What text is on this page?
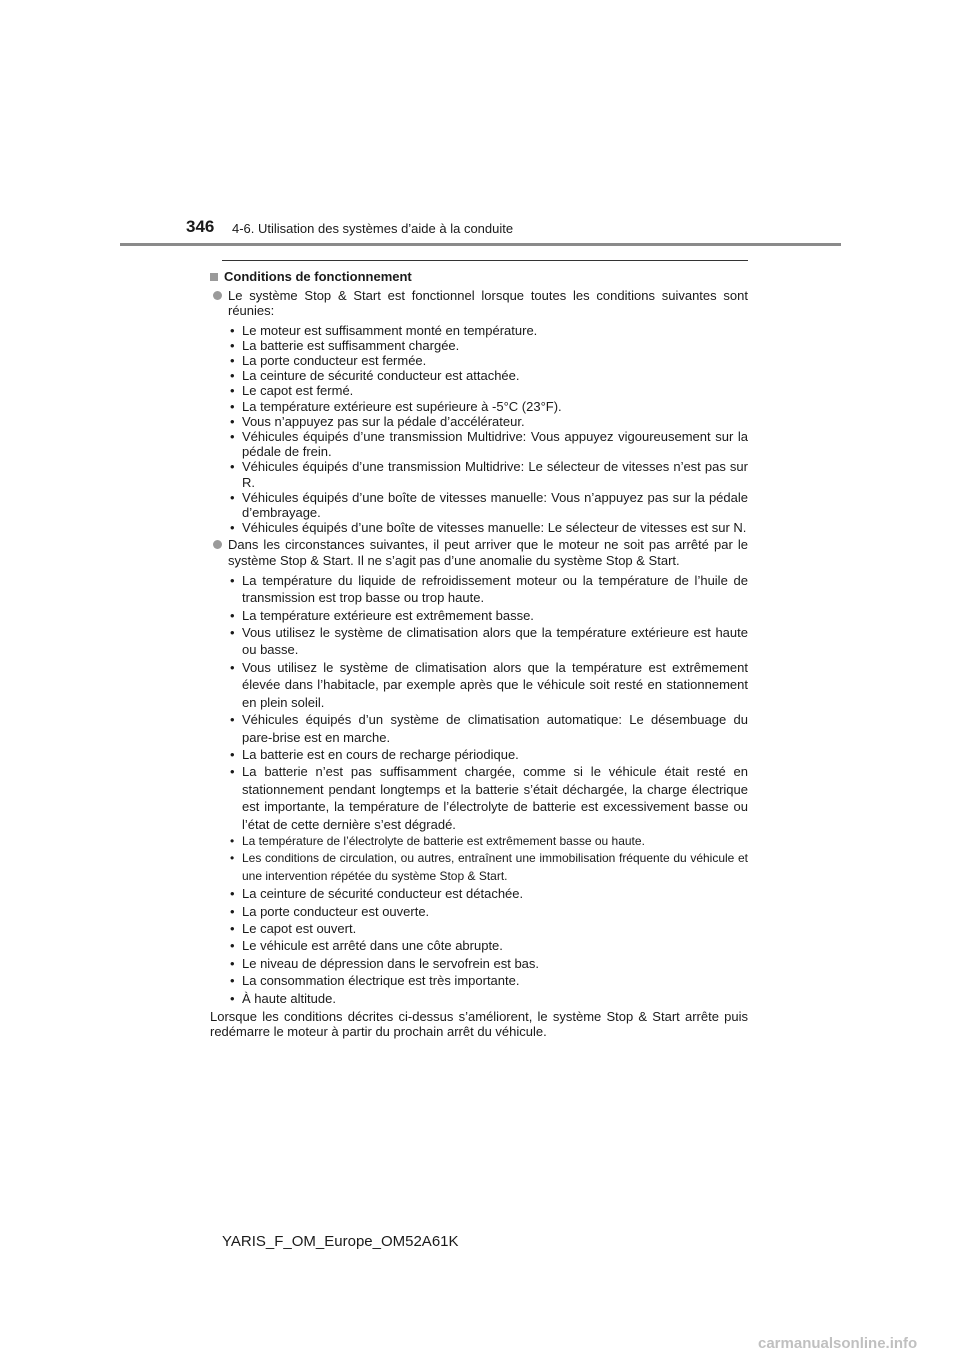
346 4-6. Utilisation des systèmes d’aide à la conduite
Conditions de fonctionnement
Le système Stop & Start est fonctionnel lorsque toutes les conditions suivantes sont réunies:
• Le moteur est suffisamment monté en température.
• La batterie est suffisamment chargée.
• La porte conducteur est fermée.
• La ceinture de sécurité conducteur est attachée.
• Le capot est fermé.
• La température extérieure est supérieure à -5°C (23°F).
• Vous n’appuyez pas sur la pédale d’accélérateur.
• Véhicules équipés d’une transmission Multidrive: Vous appuyez vigoureusement sur la pédale de frein.
• Véhicules équipés d’une transmission Multidrive: Le sélecteur de vitesses n’est pas sur R.
• Véhicules équipés d’une boîte de vitesses manuelle: Vous n’appuyez pas sur la pédale d’embrayage.
• Véhicules équipés d’une boîte de vitesses manuelle: Le sélecteur de vitesses est sur N.
Dans les circonstances suivantes, il peut arriver que le moteur ne soit pas arrêté par le système Stop & Start. Il ne s’agit pas d’une anomalie du système Stop & Start.
• La température du liquide de refroidissement moteur ou la température de l’huile de transmission est trop basse ou trop haute.
• La température extérieure est extrêmement basse.
• Vous utilisez le système de climatisation alors que la température extérieure est haute ou basse.
• Vous utilisez le système de climatisation alors que la température est extrêmement élevée dans l’habitacle, par exemple après que le véhicule soit resté en stationnement en plein soleil.
• Véhicules équipés d’un système de climatisation automatique: Le désembuage du pare-brise est en marche.
• La batterie est en cours de recharge périodique.
• La batterie n’est pas suffisamment chargée, comme si le véhicule était resté en stationnement pendant longtemps et la batterie s’était déchargée, la charge électrique est importante, la température de l’électrolyte de batterie est excessivement basse ou l’état de cette dernière s’est dégradé.
• La température de l’électrolyte de batterie est extrêmement basse ou haute.
• Les conditions de circulation, ou autres, entraînent une immobilisation fréquente du véhicule et une intervention répétée du système Stop & Start.
• La ceinture de sécurité conducteur est détachée.
• La porte conducteur est ouverte.
• Le capot est ouvert.
• Le véhicule est arrêté dans une côte abrupte.
• Le niveau de dépression dans le servofrein est bas.
• La consommation électrique est très importante.
• À haute altitude.
Lorsque les conditions décrites ci-dessus s’améliorent, le système Stop & Start arrête puis redémarre le moteur à partir du prochain arrêt du véhicule.
YARIS_F_OM_Europe_OM52A61K
carmanualsonline.info
